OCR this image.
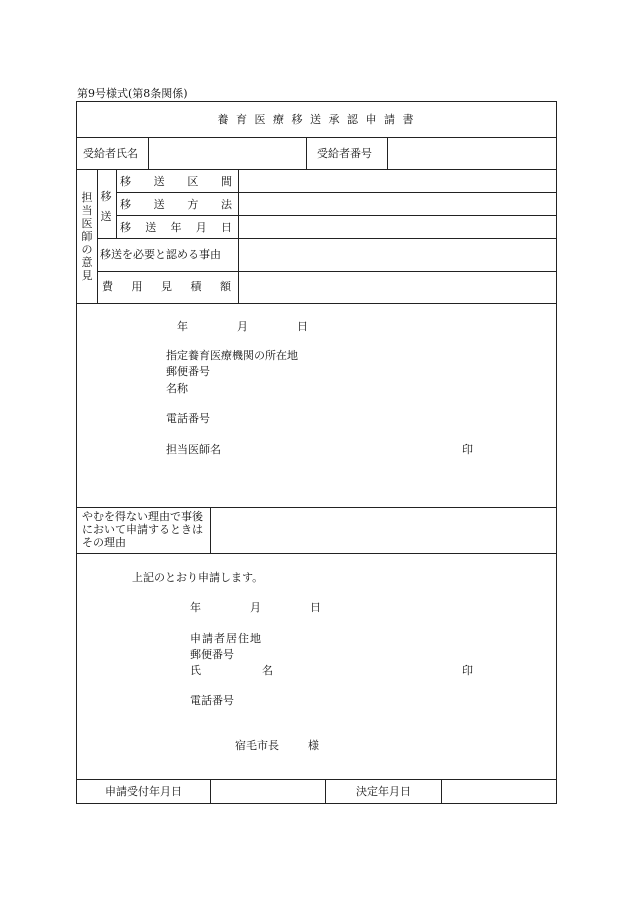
第9号様式(第8条関係)
養 育 医 療 移 送 承 認 申 請 書
受給者氏名	受給者番号
担当医師の意見
移送
移 送 区 間
移 送 方 法
移 送 年 月 日
移送を必要と認める事由
費 用 見 積 額
年	月	日
指定養育医療機関の所在地
郵便番号
名称
電話番号
担当医師名	印
やむを得ない理由で事後において申請するときはその理由
上記のとおり申請します。
年	月	日
申請者居住地
郵便番号
氏	名	印
電話番号
宿毛市長	様
申請受付年月日	決定年月日
